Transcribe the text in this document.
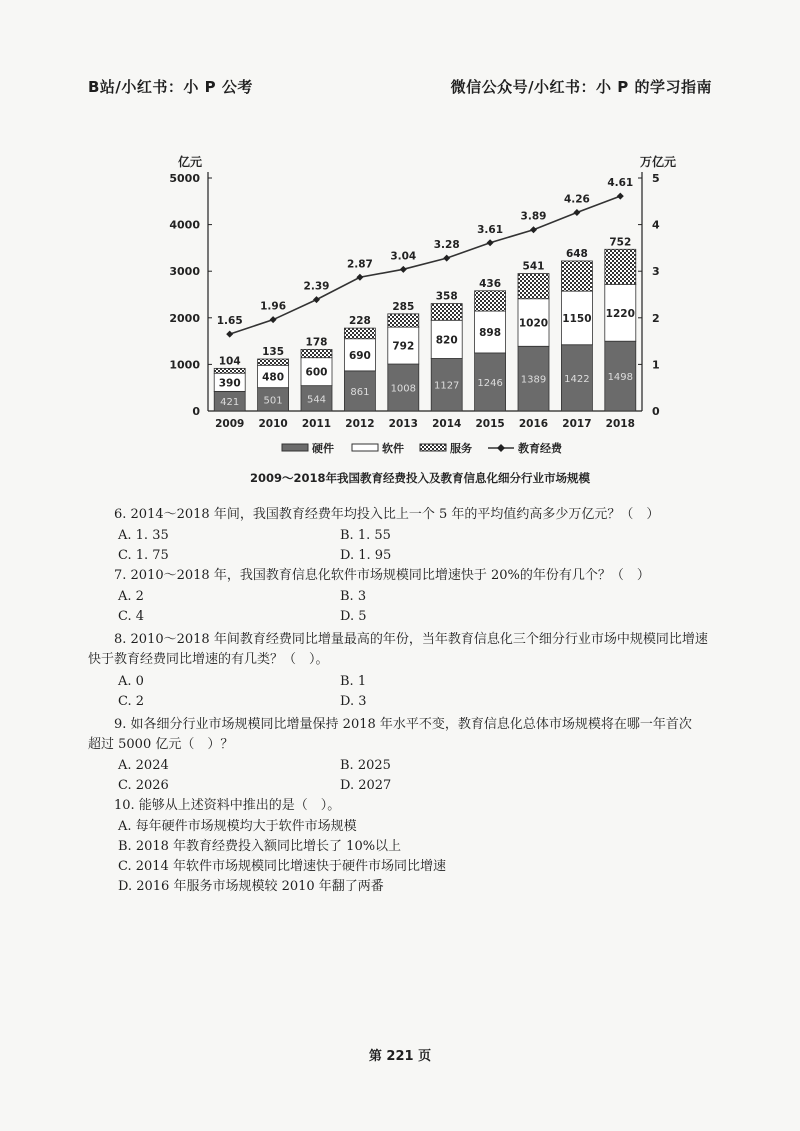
B站/小红书：小 P 公考	微信公众号/小红书：小 P 的学习指南
亿元	万亿元
0
1000
2000
3000
4000
5000
0
1
2
3
4
5
421
390
104
2009
501
480
135
2010
544
600
178
2011
861
690
228
2012
1008
792
285
2013
1127
820
358
2014
1246
898
436
2015
1389
1020
541
2016
1422
1150
648
2017
1498
1220
752
2018
1.65
1.96
2.39
2.87
3.04
3.28
3.61
3.89
4.26
4.61
硬件	软件	服务	教育经费
2009～2018年我国教育经费投入及教育信息化细分行业市场规模
6. 2014～2018 年间，我国教育经费年均投入比上一个 5 年的平均值约高多少万亿元？（　）
A. 1. 35	B. 1. 55
C. 1. 75	D. 1. 95
7. 2010～2018 年，我国教育信息化软件市场规模同比增速快于 20%的年份有几个？（　）
A. 2	B. 3
C. 4	D. 5
8. 2010～2018 年间教育经费同比增量最高的年份，当年教育信息化三个细分行业市场中规模同比增速
快于教育经费同比增速的有几类？（　）。
A. 0	B. 1
C. 2	D. 3
9. 如各细分行业市场规模同比增量保持 2018 年水平不变，教育信息化总体市场规模将在哪一年首次
超过 5000 亿元（　）？
A. 2024	B. 2025
C. 2026	D. 2027
10. 能够从上述资料中推出的是（　）。
A. 每年硬件市场规模均大于软件市场规模
B. 2018 年教育经费投入额同比增长了 10%以上
C. 2014 年软件市场规模同比增速快于硬件市场同比增速
D. 2016 年服务市场规模较 2010 年翻了两番
第 221 页
